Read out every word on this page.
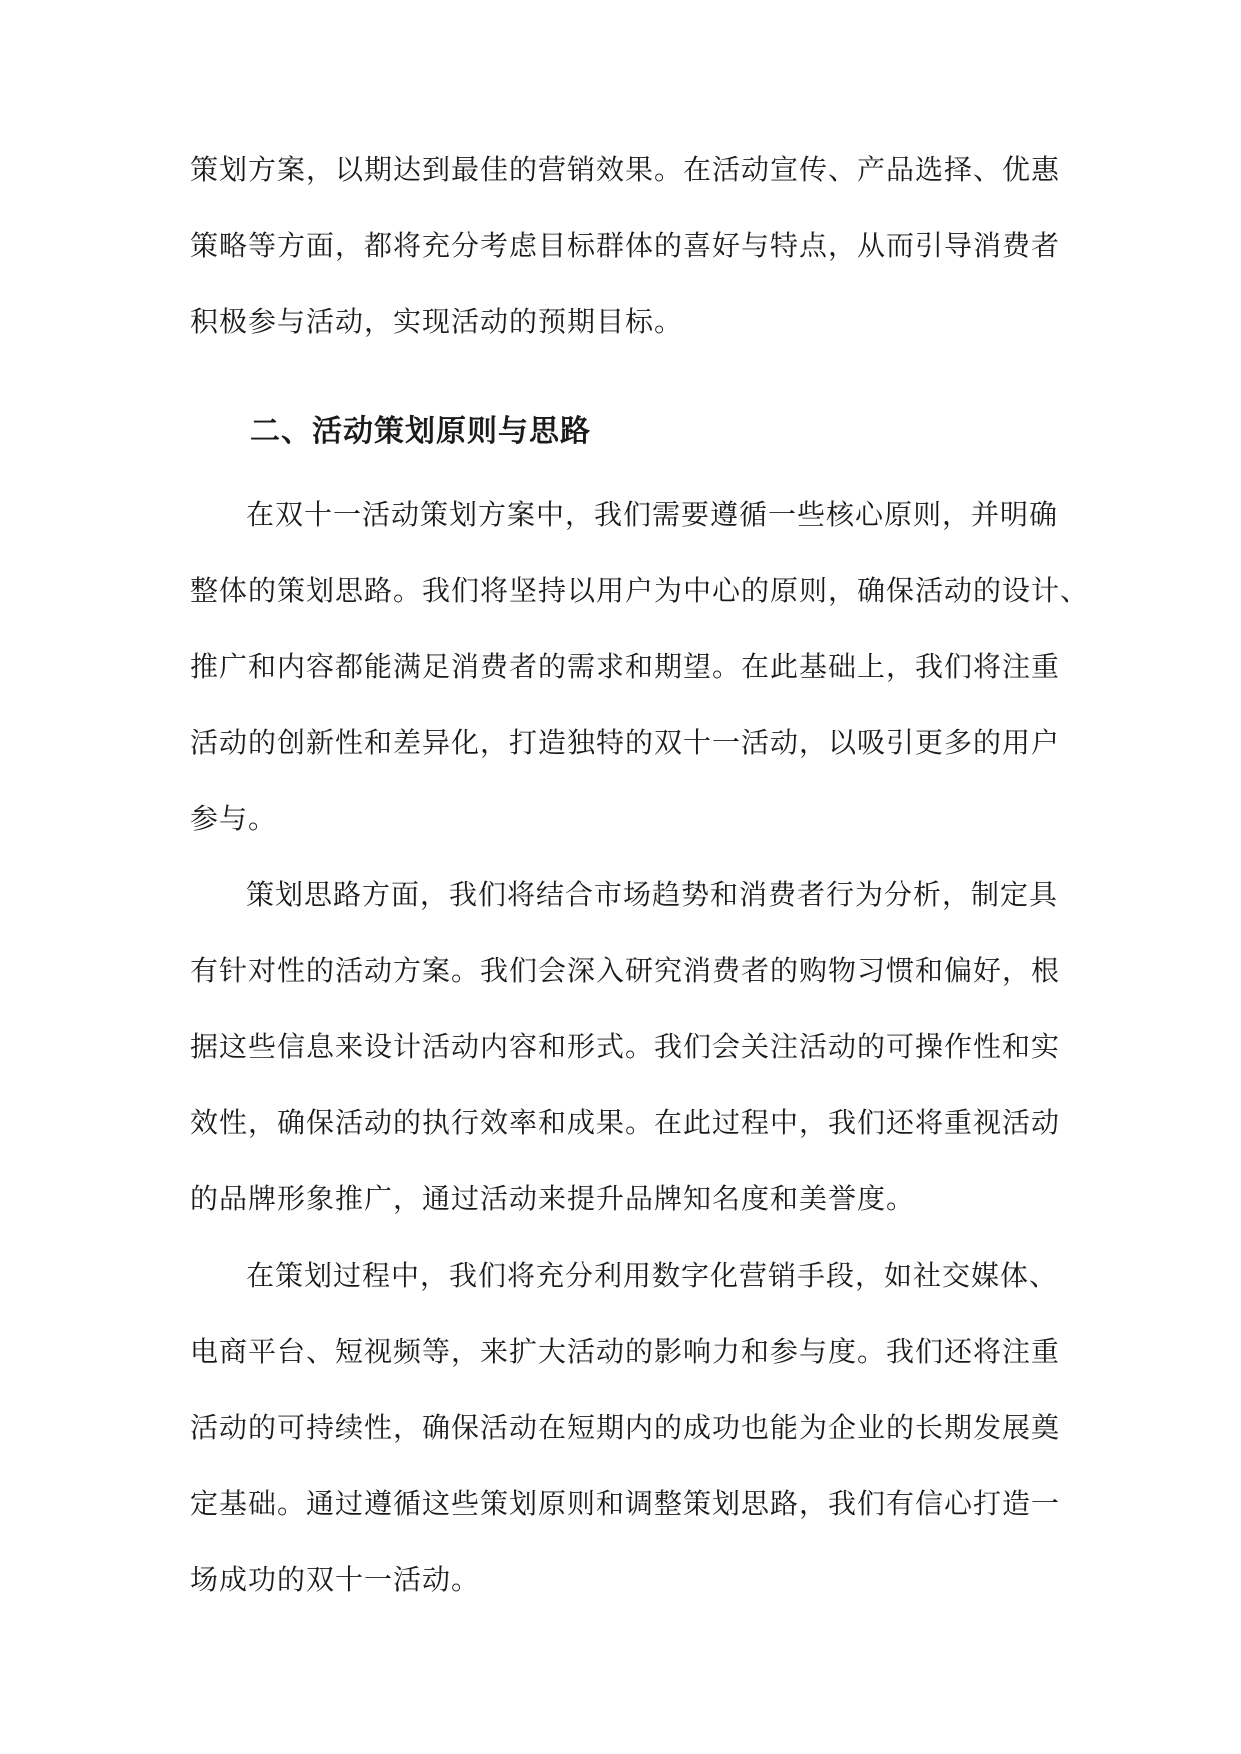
策划方案，以期达到最佳的营销效果。在活动宣传、产品选择、优惠
策略等方面，都将充分考虑目标群体的喜好与特点，从而引导消费者
积极参与活动，实现活动的预期目标。
二、活动策划原则与思路
在双十一活动策划方案中，我们需要遵循一些核心原则，并明确
整体的策划思路。我们将坚持以用户为中心的原则，确保活动的设计、
推广和内容都能满足消费者的需求和期望。在此基础上，我们将注重
活动的创新性和差异化，打造独特的双十一活动，以吸引更多的用户
参与。
策划思路方面，我们将结合市场趋势和消费者行为分析，制定具
有针对性的活动方案。我们会深入研究消费者的购物习惯和偏好，根
据这些信息来设计活动内容和形式。我们会关注活动的可操作性和实
效性，确保活动的执行效率和成果。在此过程中，我们还将重视活动
的品牌形象推广，通过活动来提升品牌知名度和美誉度。
在策划过程中，我们将充分利用数字化营销手段，如社交媒体、
电商平台、短视频等，来扩大活动的影响力和参与度。我们还将注重
活动的可持续性，确保活动在短期内的成功也能为企业的长期发展奠
定基础。通过遵循这些策划原则和调整策划思路，我们有信心打造一
场成功的双十一活动。
